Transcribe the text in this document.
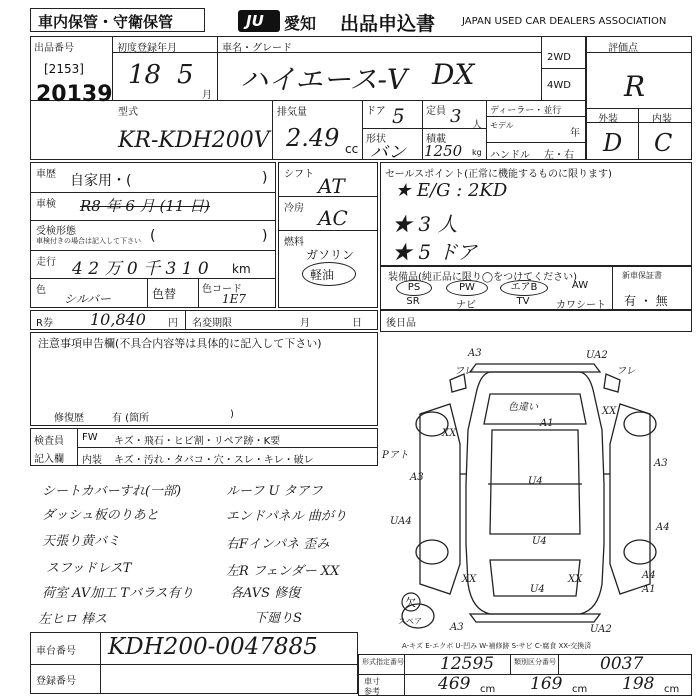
車内保管・守衛保管	JU 愛知 出品申込書	JAPAN USED CAR DEALERS ASSOCIATION
出品番号
[2153]
20139
初度登録年月
18 5
月
車名・グレード
ハイエース-V DX
2WD
4WD
評価点
R
外装	内装
D C
型式
KR-KDH200V
排気量
2.49 cc
ドア 5
形状
バン
定員 3 人
積載
1250 kg
ディーラー・並行
モデル
年
ハンドル 左・右
車歴 自家用・(	)
車検 R8 年 6 月 (11 日)
受検形態
車検付きの場合は記入して下さい (	)
走行 4 2 万 0 千 3 1 0 km
色
シルバー	色替	色コード
1E7
シフト AT
冷房 AC
燃料
ガソリン
軽油
セールスポイント(正常に機能するものに限ります)
★ E/G : 2KD
★ 3 人
★ 5 ドア
装備品(純正品に限り◯をつけてください)
PS	PW	エアB	AW
SR	ナビ	TV	カワシート
新車保証書
有 ・ 無
R券 10,840 円 名変期限	月	日 後日品
注意事項申告欄(不具合内容等は具体的に記入して下さい)
修復歴	有 (箇所	)
検査員
記入欄
FW キズ・飛石・ヒビ割・リペア跡・K要
内装 キズ・汚れ・タバコ・穴・スレ・キレ・破レ
シートカバーすれ(一部)
ダッシュ板のりあと
天張り黄バミ
スフッドレスT
荷室 AV加工 Tバラス有り
左ヒロ 棒ス
ルーフ U タアフ
エンドパネル 曲がり
右Fインパネ 歪み
左R フェンダー XX
各AVS 修復
下廻りS
A3	UA2
フレ	フレ
色違い
A1
XX
XX
A3
Pアト
U4
A3
U4
UA4
A4
XX	XX
U4
A4
A1
A3	UA2
スペア
欠
A-キズ E-エクボ U-凹み W-補修跡 S-サビ C-腐食 XX-交換済
車台番号 KDH200-0047885
登録番号
形式指定番号 12595	類別区分番号	0037
車寸
参考	469 cm 169 cm 198 cm
